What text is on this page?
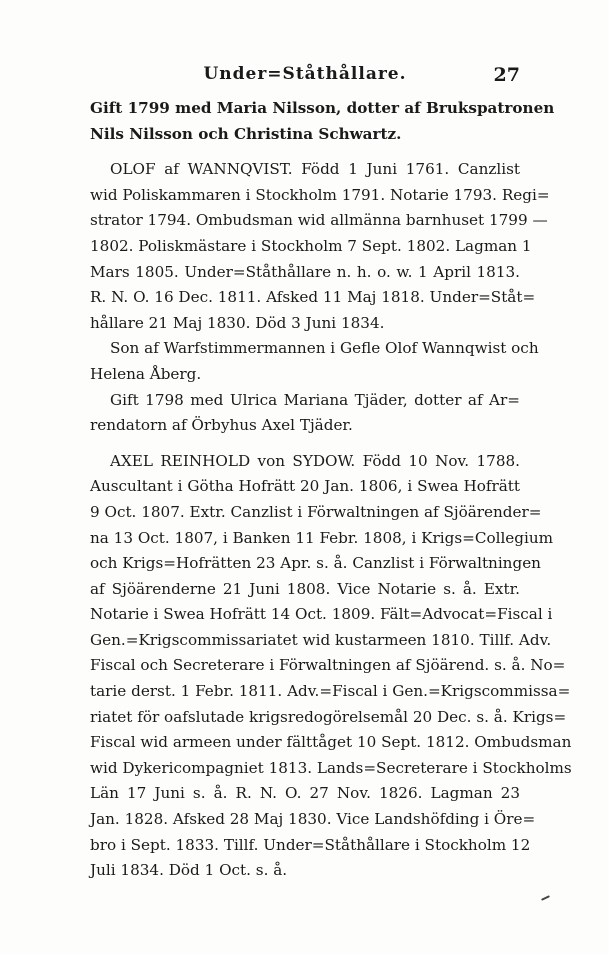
Under=Ståthållare.	27
Gift 1799 med Maria Nilsson, dotter af Brukspatronen
Nils Nilsson och Christina Schwartz.
OLOF af WANNQVIST. Född 1 Juni 1761. Canzlist
wid Poliskammaren i Stockholm 1791. Notarie 1793. Regi=
strator 1794. Ombudsman wid allmänna barnhuset 1799 —
1802. Poliskmästare i Stockholm 7 Sept. 1802. Lagman 1
Mars 1805. Under=Ståthållare n. h. o. w. 1 April 1813.
R. N. O. 16 Dec. 1811. Afsked 11 Maj 1818. Under=Ståt=
hållare 21 Maj 1830. Död 3 Juni 1834.
Son af Warfstimmermannen i Gefle Olof Wannqwist och
Helena Åberg.
Gift 1798 med Ulrica Mariana Tjäder, dotter af Ar=
rendatorn af Örbyhus Axel Tjäder.
AXEL REINHOLD von SYDOW. Född 10 Nov. 1788.
Auscultant i Götha Hofrätt 20 Jan. 1806, i Swea Hofrätt
9 Oct. 1807. Extr. Canzlist i Förwaltningen af Sjöärender=
na 13 Oct. 1807, i Banken 11 Febr. 1808, i Krigs=Collegium
och Krigs=Hofrätten 23 Apr. s. å. Canzlist i Förwaltningen
af Sjöärenderne 21 Juni 1808. Vice Notarie s. å. Extr.
Notarie i Swea Hofrätt 14 Oct. 1809. Fält=Advocat=Fiscal i
Gen.=Krigscommissariatet wid kustarmeen 1810. Tillf. Adv.
Fiscal och Secreterare i Förwaltningen af Sjöärend. s. å. No=
tarie derst. 1 Febr. 1811. Adv.=Fiscal i Gen.=Krigscommissa=
riatet för oafslutade krigsredogörelsemål 20 Dec. s. å. Krigs=
Fiscal wid armeen under fälttåget 10 Sept. 1812. Ombudsman
wid Dykericompagniet 1813. Lands=Secreterare i Stockholms
Län 17 Juni s. å. R. N. O. 27 Nov. 1826. Lagman 23
Jan. 1828. Afsked 28 Maj 1830. Vice Landshöfding i Öre=
bro i Sept. 1833. Tillf. Under=Ståthållare i Stockholm 12
Juli 1834. Död 1 Oct. s. å.
